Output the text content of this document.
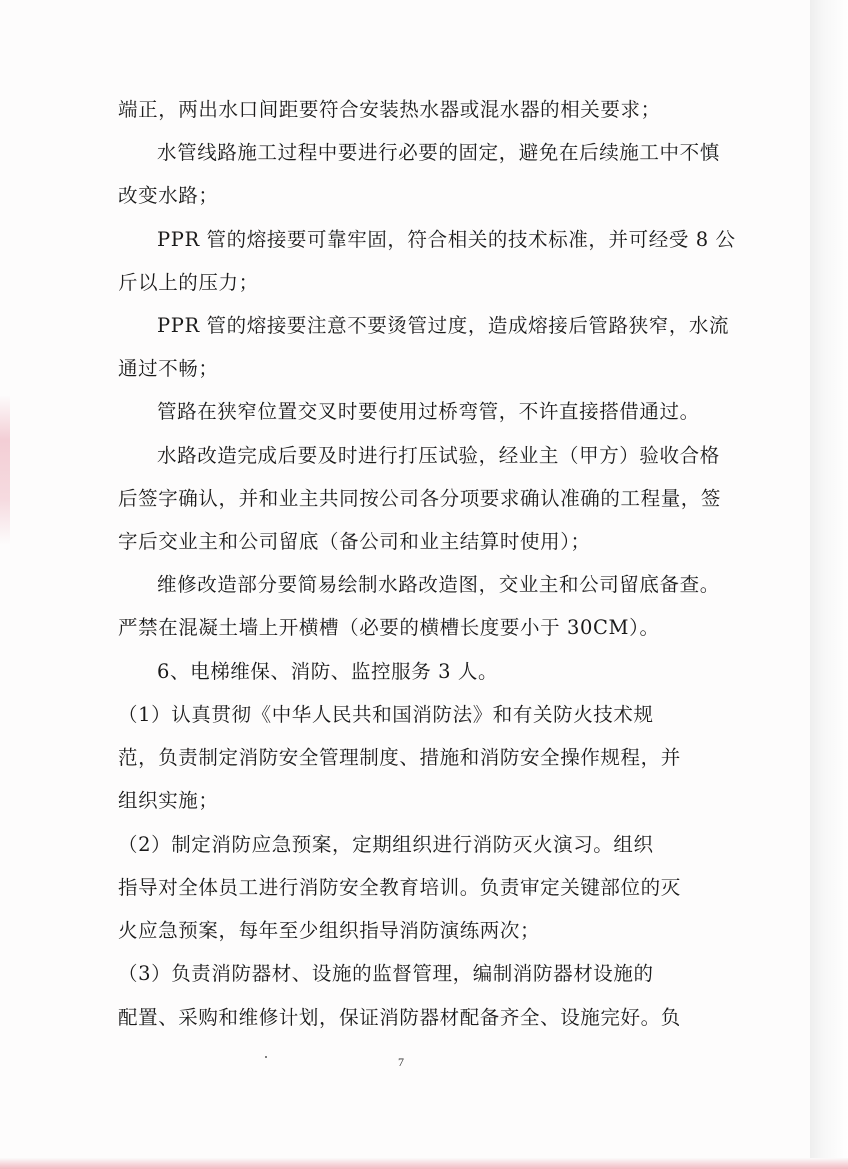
端正，两出水口间距要符合安装热水器或混水器的相关要求；

水管线路施工过程中要进行必要的固定，避免在后续施工中不慎

改变水路；

PPR 管的熔接要可靠牢固，符合相关的技术标准，并可经受 8 公

斤以上的压力；

PPR 管的熔接要注意不要烫管过度，造成熔接后管路狭窄，水流

通过不畅；

管路在狭窄位置交叉时要使用过桥弯管，不许直接搭借通过。

水路改造完成后要及时进行打压试验，经业主（甲方）验收合格

后签字确认，并和业主共同按公司各分项要求确认准确的工程量，签

字后交业主和公司留底（备公司和业主结算时使用）；

维修改造部分要简易绘制水路改造图，交业主和公司留底备查。

严禁在混凝土墙上开横槽（必要的横槽长度要小于 30CM）。

6、电梯维保、消防、监控服务 3 人。

（1）认真贯彻《中华人民共和国消防法》和有关防火技术规

范，负责制定消防安全管理制度、措施和消防安全操作规程，并

组织实施；

（2）制定消防应急预案，定期组织进行消防灭火演习。组织

指导对全体员工进行消防安全教育培训。负责审定关键部位的灭

火应急预案，每年至少组织指导消防演练两次；

（3）负责消防器材、设施的监督管理，编制消防器材设施的

配置、采购和维修计划，保证消防器材配备齐全、设施完好。负

7
